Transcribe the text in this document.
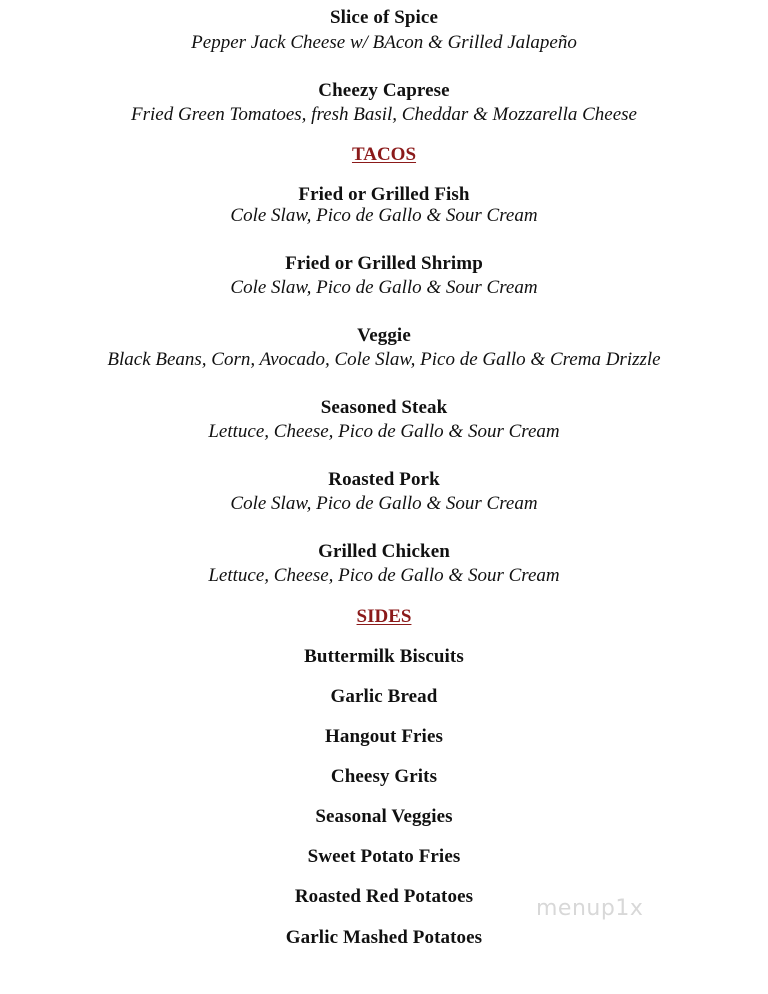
Slice of Spice
Pepper Jack Cheese w/ BAcon & Grilled Jalapeño
Cheezy Caprese
Fried Green Tomatoes, fresh Basil, Cheddar & Mozzarella Cheese
TACOS
Fried or Grilled Fish
Cole Slaw, Pico de Gallo & Sour Cream
Fried or Grilled Shrimp
Cole Slaw, Pico de Gallo & Sour Cream
Veggie
Black Beans, Corn, Avocado, Cole Slaw, Pico de Gallo & Crema Drizzle
Seasoned Steak
Lettuce, Cheese, Pico de Gallo & Sour Cream
Roasted Pork
Cole Slaw, Pico de Gallo & Sour Cream
Grilled Chicken
Lettuce, Cheese, Pico de Gallo & Sour Cream
SIDES
Buttermilk Biscuits
Garlic Bread
Hangout Fries
Cheesy Grits
Seasonal Veggies
Sweet Potato Fries
Roasted Red Potatoes
Garlic Mashed Potatoes
menup1x
